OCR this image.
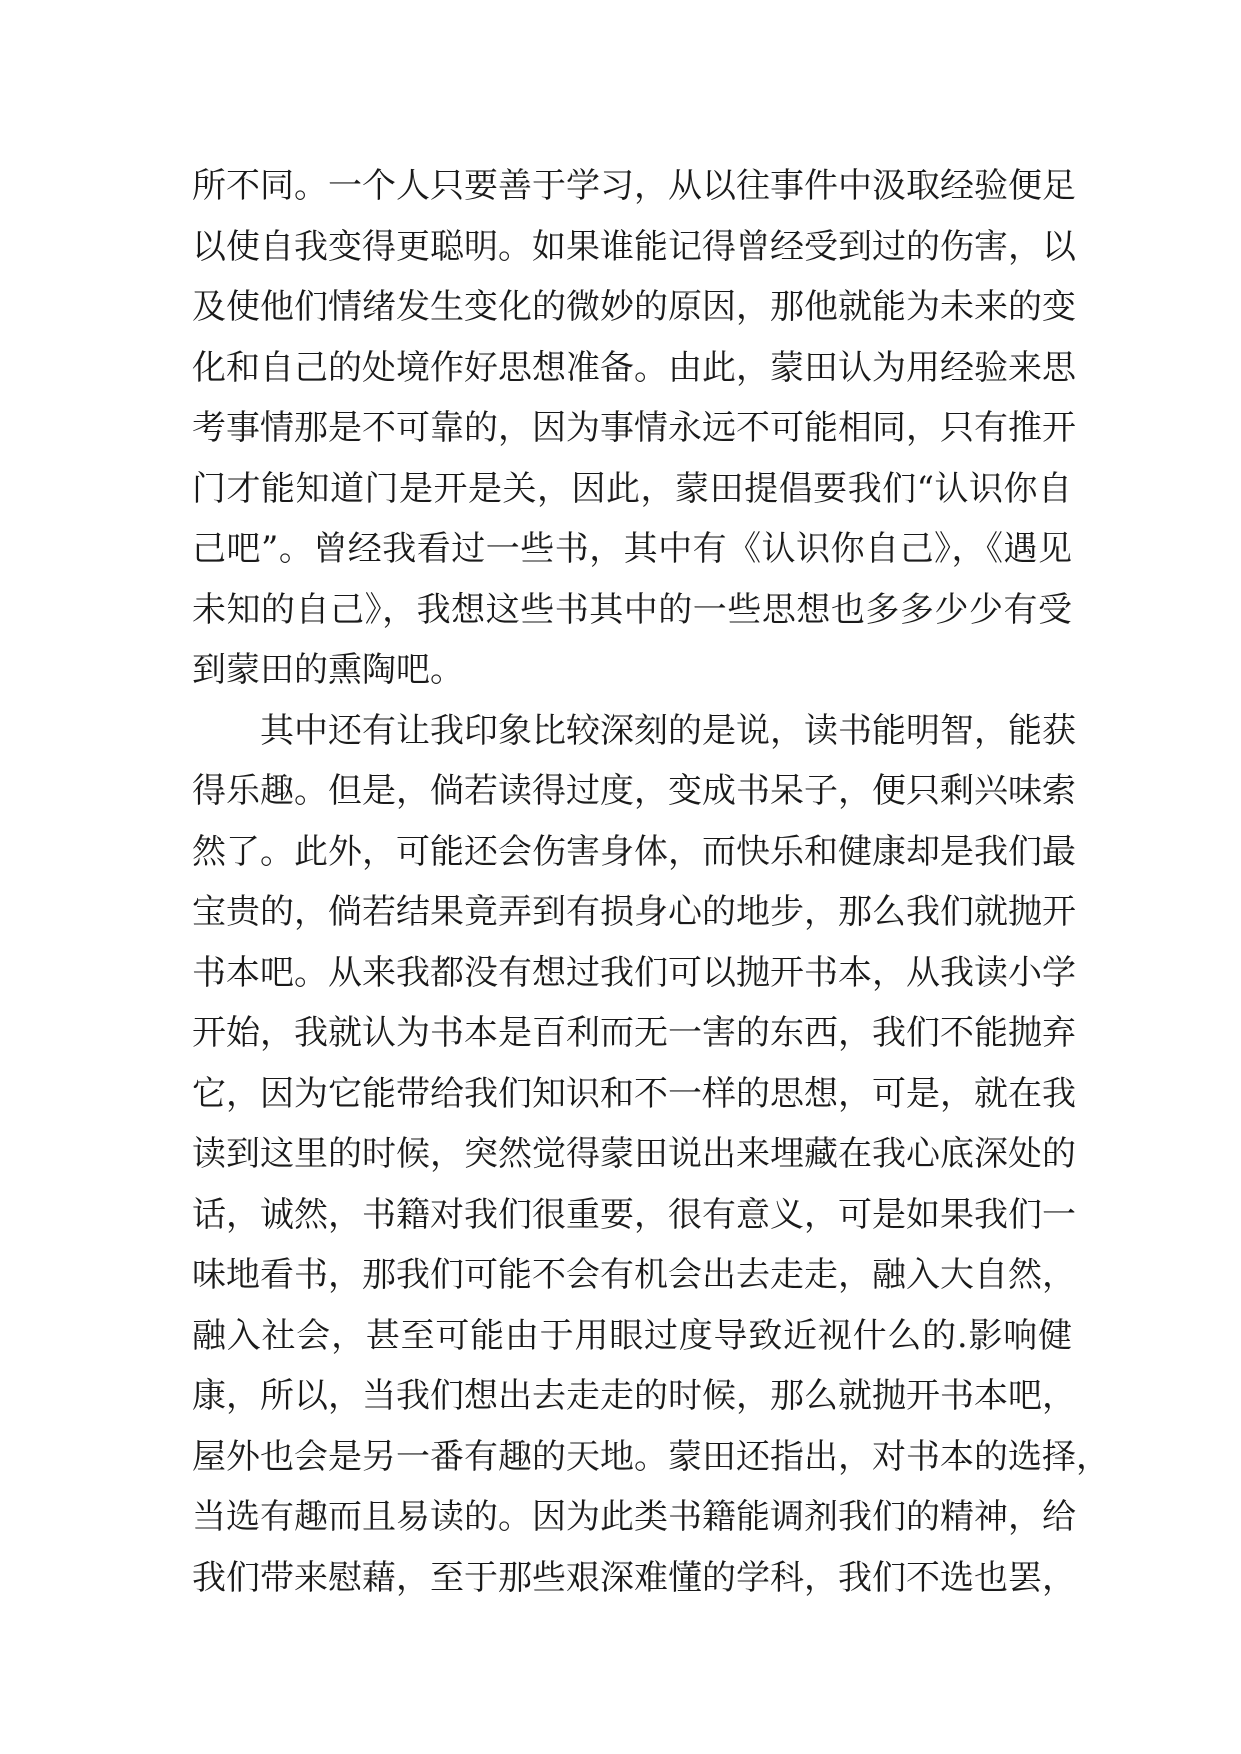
所不同。一个人只要善于学习，从以往事件中汲取经验便足
以使自我变得更聪明。如果谁能记得曾经受到过的伤害，以
及使他们情绪发生变化的微妙的原因，那他就能为未来的变
化和自己的处境作好思想准备。由此，蒙田认为用经验来思
考事情那是不可靠的，因为事情永远不可能相同，只有推开
门才能知道门是开是关，因此，蒙田提倡要我们“认识你自
己吧”。曾经我看过一些书，其中有《认识你自己》，《遇见
未知的自己》，我想这些书其中的一些思想也多多少少有受
到蒙田的熏陶吧。
其中还有让我印象比较深刻的是说，读书能明智，能获
得乐趣。但是，倘若读得过度，变成书呆子，便只剩兴味索
然了。此外，可能还会伤害身体，而快乐和健康却是我们最
宝贵的，倘若结果竟弄到有损身心的地步，那么我们就抛开
书本吧。从来我都没有想过我们可以抛开书本，从我读小学
开始，我就认为书本是百利而无一害的东西，我们不能抛弃
它，因为它能带给我们知识和不一样的思想，可是，就在我
读到这里的时候，突然觉得蒙田说出来埋藏在我心底深处的
话，诚然，书籍对我们很重要，很有意义，可是如果我们一
味地看书，那我们可能不会有机会出去走走，融入大自然，
融入社会，甚至可能由于用眼过度导致近视什么的.影响健
康，所以，当我们想出去走走的时候，那么就抛开书本吧，
屋外也会是另一番有趣的天地。蒙田还指出，对书本的选择，
当选有趣而且易读的。因为此类书籍能调剂我们的精神，给
我们带来慰藉，至于那些艰深难懂的学科，我们不选也罢，
